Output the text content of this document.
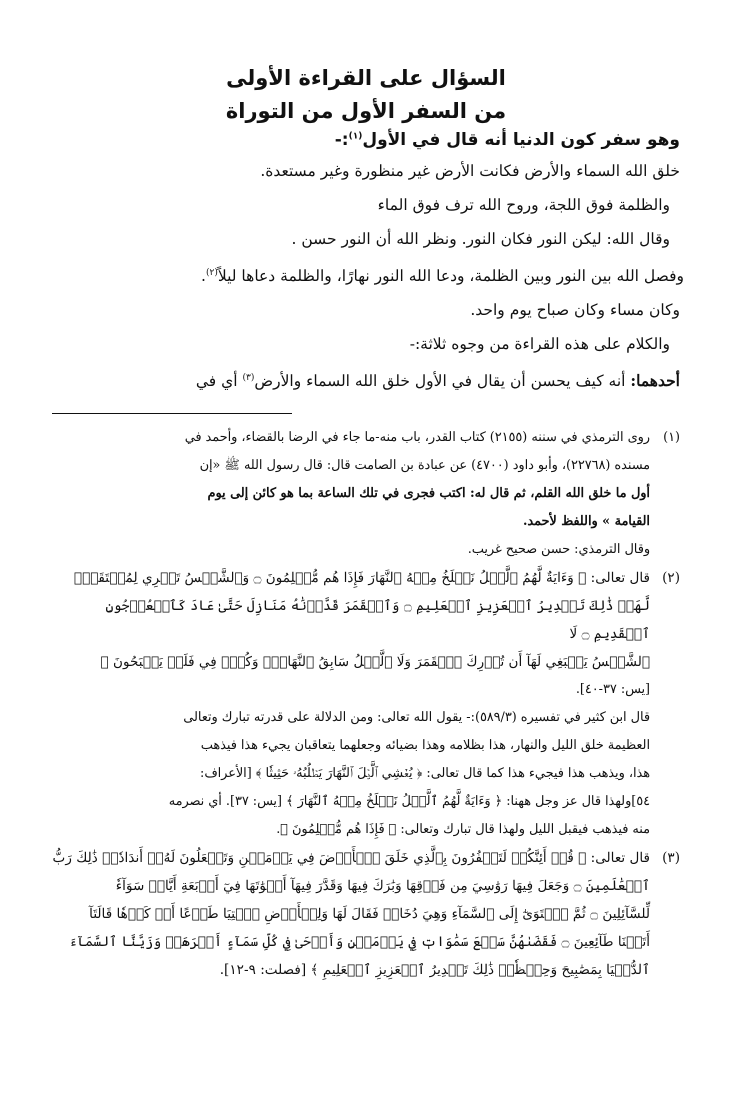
السؤال على القراءة الأولى
من السفر الأول من التوراة

وهو سفر كون الدنيا أنه قال في الأول$^{(١)}$:-

خلق الله السماء والأرض فكانت الأرض غير منظورة وغير مستعدة.

والظلمة فوق اللجة، وروح الله ترف فوق الماء

وقال الله: ليكن النور فكان النور. ونظر الله أن النور حسن .

وفصل الله بين النور وبين الظلمة، ودعا الله النور نهارًا، والظلمة دعاها ليلاً$^{(٢)}$.

وكان مساء وكان صباح يوم واحد.

والكلام على هذه القراءة من وجوه ثلاثة:-

أحدهما: أنه كيف يحسن أن يقال في الأول خلق الله السماء والأرض$^{(٣)}$ أي في

(١)روى الترمذي في سننه (٢١٥٥) كتاب القدر، باب منه-ما جاء في الرضا بالقضاء، وأحمد في

مسنده (٢٢٧٦٨)، وأبو داود (٤٧٠٠) عن عبادة بن الصامت قال: قال رسول الله ﷺ «إن

أول ما خلق الله القلم، ثم قال له: اكتب فجرى في تلك الساعة بما هو كائن إلى يوم

القيامة » واللفظ لأحمد.

وقال الترمذي: حسن صحيح غريب.

(٢)قال تعالى: ﴿ وَءَايَةٌ لَّهُمُ ٱلَّيۡلُ نَسۡلَخُ مِنۡهُ ٱلنَّهَارَ فَإِذَا هُم مُّظۡلِمُونَ ۝ وَٱلشَّمۡسُ تَجۡرِي لِمُسۡتَقَرّٖ

لَّهَاۚ ذَٰلِكَ تَقۡدِيرُ ٱلۡعَزِيزِ ٱلۡعَلِيمِ ۝ وَٱلۡقَمَرَ قَدَّرۡنَٰهُ مَنَازِلَ حَتَّىٰ عَادَ كَٱلۡعُرۡجُونِ ٱلۡقَدِيمِ ۝ لَا

ٱلشَّمۡسُ يَنۢبَغِي لَهَآ أَن تُدۡرِكَ ٱلۡقَمَرَ وَلَا ٱلَّيۡلُ سَابِقُ ٱلنَّهَارِۚ وَكُلّٞ فِي فَلَكٖ يَسۡبَحُونَ ﴾

[يس: ٣٧-٤٠].

قال ابن كثير في تفسيره (٥٨٩/٣):- يقول الله تعالى: ومن الدلالة على قدرته تبارك وتعالى

العظيمة خلق الليل والنهار، هذا بظلامه وهذا بضيائه وجعلهما يتعاقبان يجيء هذا فيذهب

هذا، ويذهب هذا فيجيء هذا كما قال تعالى: ﴿ يُغۡشِي ٱلَّيۡلَ ٱلنَّهَارَ يَطۡلُبُهُۥ حَثِيثٗا ﴾ [الأعراف:

٥٤]ولهذا قال عز وجل ههنا: ﴿ وَءَايَةٌ لَّهُمُ ٱلَّيۡلُ نَسۡلَخُ مِنۡهُ ٱلنَّهَارَ ﴾ [يس: ٣٧]. أي نصرمه

منه فيذهب فيقبل الليل ولهذا قال تبارك وتعالى: ﴿ فَإِذَا هُم مُّظۡلِمُونَ ﴾.

(٣)قال تعالى: ﴿ قُلۡ أَئِنَّكُمۡ لَتَكۡفُرُونَ بِٱلَّذِي خَلَقَ ٱلۡأَرۡضَ فِي يَوۡمَيۡنِ وَتَجۡعَلُونَ لَهُۥٓ أَندَادٗاۚ ذَٰلِكَ رَبُّ

ٱلۡعَٰلَمِينَ ۝ وَجَعَلَ فِيهَا رَوَٰسِيَ مِن فَوۡقِهَا وَبَٰرَكَ فِيهَا وَقَدَّرَ فِيهَآ أَقۡوَٰتَهَا فِيٓ أَرۡبَعَةِ أَيَّامٖ سَوَآءٗ

لِّلسَّآئِلِينَ ۝ ثُمَّ ٱسۡتَوَىٰٓ إِلَى ٱلسَّمَآءِ وَهِيَ دُخَانٞ فَقَالَ لَهَا وَلِلۡأَرۡضِ ٱئۡتِيَا طَوۡعًا أَوۡ كَرۡهٗا قَالَتَآ

أَتَيۡنَا طَآئِعِينَ ۝ فَقَضَىٰهُنَّ سَبۡعَ سَمَٰوَاتٖ فِي يَوۡمَيۡنِ وَأَوۡحَىٰ فِي كُلِّ سَمَآءٍ أَمۡرَهَاۚ وَزَيَّنَّا ٱلسَّمَآءَ

ٱلدُّنۡيَا بِمَصَٰبِيحَ وَحِفۡظٗاۚ ذَٰلِكَ تَقۡدِيرُ ٱلۡعَزِيزِ ٱلۡعَلِيمِ ﴾ [فصلت: ٩-١٢].
